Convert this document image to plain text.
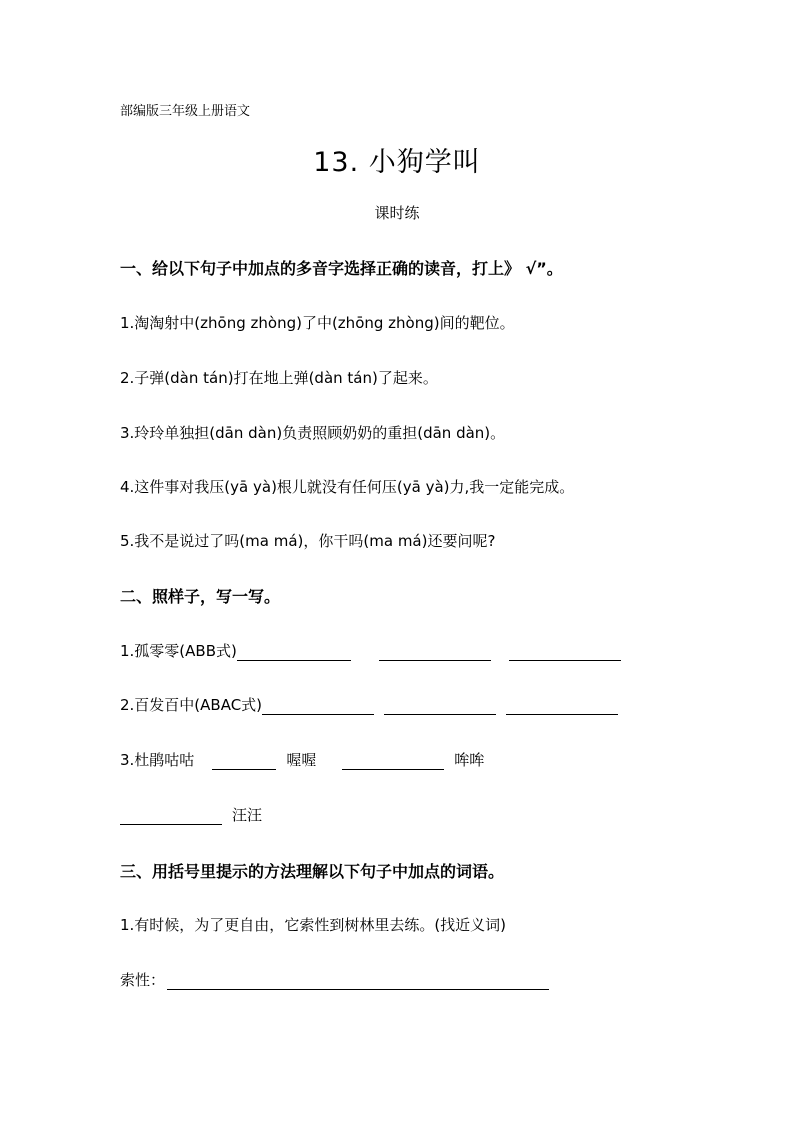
部编版三年级上册语文
13. 小狗学叫
课时练
一、给以下句子中加点的多音字选择正确的读音，打上》 √”。
1.淘淘射中(zhōng zhòng)了中(zhōng zhòng)间的靶位。
2.子弹(dàn tán)打在地上弹(dàn tán)了起来。
3.玲玲单独担(dān dàn)负责照顾奶奶的重担(dān dàn)。
4.这件事对我压(yā yà)根儿就没有任何压(yā yà)力,我一定能完成。
5.我不是说过了吗(ma má)，你干吗(ma má)还要问呢?
二、照样子，写一写。
1.孤零零(ABB式)
2.百发百中(ABAC式)
3.杜鹃咕咕	喔喔	哞哞
汪汪
三、用括号里提示的方法理解以下句子中加点的词语。
1.有时候，为了更自由，它索性到树林里去练。(找近义词)
索性：
